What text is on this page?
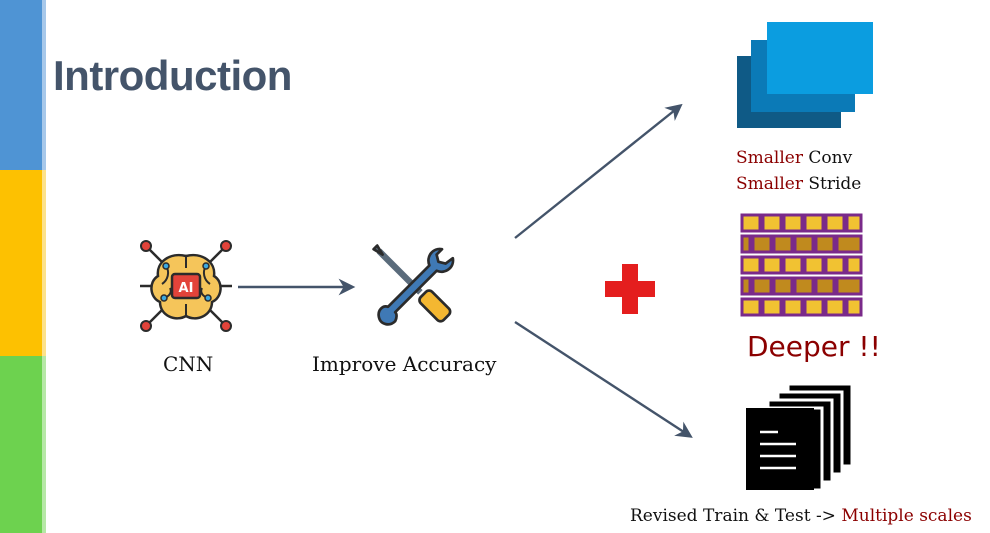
Introduction
AI
CNN	Improve Accuracy
Smaller Conv
Smaller Stride
Deeper !!
Revised Train & Test -> Multiple scales
